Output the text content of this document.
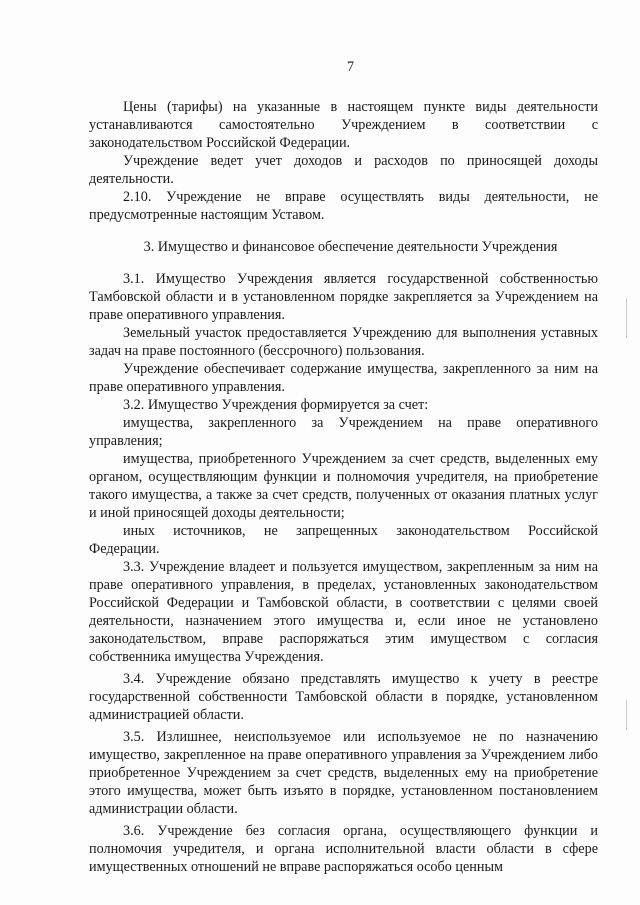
7

Цены (тарифы) на указанные в настоящем пункте виды деятельности устанавливаются самостоятельно Учреждением в соответствии с законодательством Российской Федерации.

Учреждение ведет учет доходов и расходов по приносящей доходы деятельности.

2.10. Учреждение не вправе осуществлять виды деятельности, не предусмотренные настоящим Уставом.

3. Имущество и финансовое обеспечение деятельности Учреждения

3.1. Имущество Учреждения является государственной собственностью Тамбовской области и в установленном порядке закрепляется за Учреждением на праве оперативного управления.

Земельный участок предоставляется Учреждению для выполнения уставных задач на праве постоянного (бессрочного) пользования.

Учреждение обеспечивает содержание имущества, закрепленного за ним на праве оперативного управления.

3.2. Имущество Учреждения формируется за счет:

имущества, закрепленного за Учреждением на праве оперативного управления;

имущества, приобретенного Учреждением за счет средств, выделенных ему органом, осуществляющим функции и полномочия учредителя, на приобретение такого имущества, а также за счет средств, полученных от оказания платных услуг и иной приносящей доходы деятельности;

иных источников, не запрещенных законодательством Российской Федерации.

3.3. Учреждение владеет и пользуется имуществом, закрепленным за ним на праве оперативного управления, в пределах, установленных законодательством Российской Федерации и Тамбовской области, в соответствии с целями своей деятельности, назначением этого имущества и, если иное не установлено законодательством, вправе распоряжаться этим имуществом с согласия собственника имущества Учреждения.

3.4. Учреждение обязано представлять имущество к учету в реестре государственной собственности Тамбовской области в порядке, установленном администрацией области.

3.5. Излишнее, неиспользуемое или используемое не по назначению имущество, закрепленное на праве оперативного управления за Учреждением либо приобретенное Учреждением за счет средств, выделенных ему на приобретение этого имущества, может быть изъято в порядке, установленном постановлением администрации области.

3.6. Учреждение без согласия органа, осуществляющего функции и полномочия учредителя, и органа исполнительной власти области в сфере имущественных отношений не вправе распоряжаться особо ценным
